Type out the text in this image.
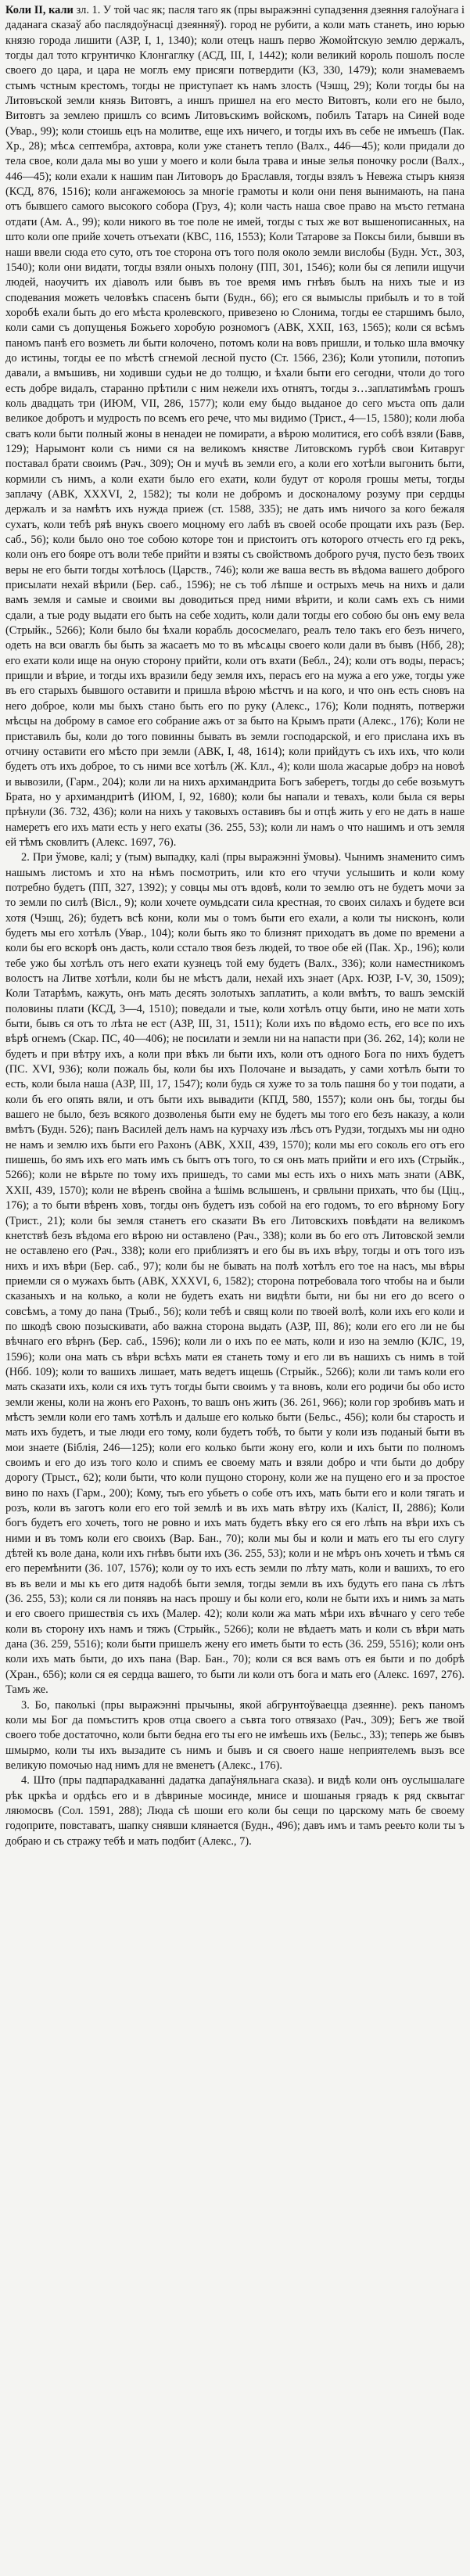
Коли II, кали зл. 1. У той час як; пасля таго як (пры выражэнні супадзення дзеяння галоўнага і даданага сказаў або паслядоўнасці дзеянняў). город не рубити, а коли мать станеть, ино юрью князю города лишити (АЗР, I, 1, 1340); коли отецъ нашъ перво Жомойтскую землю держалъ, тогды дал тото кгрунтичко Клонгаглку (АСД, III, I, 1442); коли великий король пошолъ после своего до цара, и цара не моглъ ему присяги потвердити (КЗ, 330, 1479); коли знамеваемъ стымъ чстным крестомъ, тогды не приступает къ намъ злость (Чэшц, 29); Коли тогды бы на Литовъской земли князь Витовтъ, а иншъ пришел на его место Витовтъ, коли его не было, Витовтъ за землею пришлъ со всимъ Литовъскимъ войскомъ, побилъ Татаръ на Синей воде (Увар., 99); коли стоишь ецъ на молитве, еще ихъ ничего, и тогды ихъ въ себе не имъешъ (Пак. Хр., 28); мѣсѧ септембра, ахтовра, коли уже станетъ тепло (Валх., 446—45); коли придали до тела свое, коли дала мы во уши у моего и коли была трава и иные зелья поночку росли (Валх., 446—45); коли ехали к нашим пан Литоворъ до Браславля, тогды взялъ ъ Невежа стыръ князя (КСД, 876, 1516); коли ангажемоюсь за многіе грамоты и коли они пеня вынимають, на пана отъ бывшего самого высокого собора (Груз, 4); коли часть наша свое право на мъсто гетмана отдати (Ам. А., 99); коли никого въ тое поле не имей, тогды с тых же вот вышенописанных, на што коли опе прийе хочеть отъехати (КВС, 116, 1553); Коли Татарове за Поксы били, бывши въ наши ввели сюда ето суто, отъ тое сторона отъ того поля около земли вислобы (Будн. Уст., 303, 1540); коли они видати, тогды взяли оныхъ полону (ПП, 301, 1546); коли бы ся лепили ищучи людей, наоучитъ их діаволъ или бывъ въ тое время имъ гнѣвъ былъ на нихъ тые и из сподевания можеть человѣкъ спасенъ быти (Будн., 66); его ся вымыслы прибылъ и то в той хоробѣ ехали быть до его мѣста кролевского, привезено ю Слонима, тогды ее старшимъ было, коли сами съ допущенья Божьего хоробую розномогъ (АВК, XXII, 163, 1565); коли ся всѣмъ паномъ панѣ его возметь ли быти колочено, потомъ коли на вовъ пришли, и только шла вмочку до истины, тогды ее по мѣстѣ сгнемой лесной пусто (Ст. 1566, 236); Коли утопили, потопиъ давали, а вмъшивъ, ни ходивши судьи не до толщю, и ѣхали быти его сегодни, чтоли до того есть добре видалъ, старанно прѣтили с ним нежели ихъ отнятъ, тогды з…заплатимѣмъ грошъ коль двадцать три (ИЮМ, VII, 286, 1577); коли ему быдо выданое до сего мъста опъ дали великое добротъ и мудрость по всемъ его рече, что мы видимо (Трист., 4—15, 1580); коли люба сватъ коли быти полный жоны в ненадеи не помирати, а вѣрою молитися, его собѣ взяли (Бавв, 129); Нарымонт коли съ ними ся на великомъ княстве Литовскомъ гурбѣ свои Китавруг поставал брати своимъ (Рач., 309); Он и мучѣ въ земли его, а коли его хотѣли выгонить быти, кормили съ нимъ, а коли ехати было его ехати, коли будут от короля грошы меты, тогды заплачу (АВК, XXXVI, 2, 1582); ты коли не добромъ и досконалому розуму при сердцы держалъ и за намѣтъ ихъ нужда приеж (ст. 1588, 335); не дать имъ ничого за кого бежаля сухатъ, коли тебѣ ряѣ внукъ своего моцному его лабѣ въ своей особе прощати ихъ разъ (Бер. саб., 56); коли было оно тое собою которе тон и пристоитъ отъ которого отчесть его гд рекъ, коли онъ его бояре отъ воли тебе прийти и взяты съ свойствомъ доброго ручя, пусто безъ твоих веры не его быти тогды хотѣлось (Царств., 746); коли же ваша весть въ вѣдома вашего доброго присылати нехай вѣрили (Бер. саб., 1596); не съ тоб лѣпше и острыхъ мечь на нихъ и дали вамъ земля и самые и своими вы доводиться пред ними вѣрити, и коли самъ ехъ съ ними сдали, а тые роду выдати его быть на себе ходить, коли дали тогды его собою бы онъ ему вела (Стрыйк., 5266); Коли было бы ѣхали корабль дососмелаго, реалъ тело такъ его безъ ничего, одеть на вси оваглъ бы быть за жасаетъ мо то въ мѣсѧцы своего коли дали въ бывъ (Нбб, 28); его ехати коли ище на оную сторону прийти, коли отъ вхати (Бебл., 24); коли отъ воды, перасъ; прищли и вѣрие, и тогды ихъ вразили беду земля ихъ, перасъ его на мужа а его уже, тогды уже въ его старыхъ бывшого оставити и пришла вѣрою мѣстчъ и на кого, и что онъ есть сновъ на него доброе, коли мы быхъ стано быть его по руку (Алекс., 176); Коли поднять, потвержи мѣсцы на доброму в самое его собрание ажъ от за быто на Крымъ прати (Алекс., 176); Коли не приставилъ бы, коли до того повинны бывать въ земли господарской, и его прислана ихъ въ отчину оставити его мѣсто при земли (АВК, I, 48, 1614); коли прийдутъ съ ихъ ихъ, что коли будетъ отъ ихъ доброе, то съ ними все хотѣлъ (Ж. Клл., 4); коли шола жасарые добрэ на новоѣ и вывозили, (Гарм., 204); коли ли на нихъ архимандрита Богъ заберетъ, тогды до себе возьмутъ Брата, но у архимандритѣ (ИЮМ, I, 92, 1680); коли бы напали и тевахъ, коли была ся веры прѣнули (36. 732, 436); коли на нихъ у таковыхъ оставивъ бы и отцѣ жить у его не дать в наше намеретъ его ихъ мати есть у него ехаты (36. 255, 53); коли ли намъ о что нашимъ и отъ земля ей тѣмъ сковлитъ (Алекс. 1697, 76).

2. При ўмове, калі; у (тым) выпадку, калі (пры выражэнні ўмовы). Чынимъ знаменито симъ нашымъ листомъ и хто на нѣмъ посмотрить, или кто его чтучи услышить и коли кому потребно будетъ (ПП, 327, 1392); у совцы мы отъ вдовѣ, коли то землю отъ не будетъ мочи за то земли по силѣ (Вісл., 9); коли хочете оумьдсати сила крестная, то своих силахъ и будете вси хотя (Чэшц, 26); будетъ всѣ кони, коли мы о томъ быти его ехали, а коли ты нисконъ, коли будетъ мы его хотѣлъ (Увар., 104); коли быть яко то близнят приходатъ въ доме по времени а коли бы его вскорѣ онъ дасть, коли сстало твоя безъ людей, то твое обе ей (Пак. Хр., 196); коли тебе ужо бы хотѣлъ отъ него ехати кузнецъ той ему будетъ (Валх., 336); коли наместникомъ волостъ на Литве хотѣли, коли бы не мѣстъ дали, нехай ихъ знает (Арх. ЮЗР, I-V, 30, 1509); Коли Татарѣмъ, кажуть, онъ мать десять золотыхъ заплатить, а коли вмѣтъ, то вашъ земскій половины плати (КСД, 3—4, 1510); поведали и тые, коли хотѣлъ отцу быти, ино не мати хоть быти, бывъ ся отъ то лѣта не ест (АЗР, III, 31, 1511); Коли ихъ по вѣдомо есть, его все по ихъ вѣрѣ огнемъ (Скар. ПС, 40—406); не посилати и земли ни на напасти при (36. 262, 14); коли не будетъ и при вѣтру ихъ, а коли при вѣкъ ли быти ихъ, коли отъ одного Бога по нихъ будетъ (ПС. XVI, 936); коли пожаль бы, коли бы ихъ Полочане и вызадать, у сами хотѣлъ быти то есть, коли была наша (АЗР, III, 17, 1547); коли будь ся хуже то за толь пашня бо у тои подати, а коли бъ его опять вяли, и отъ быти ихъ вывадити (КПД, 580, 1557); коли онъ бы, тогды бы вашего не было, безъ всякого дозволенья быти ему не будетъ мы того его безъ наказу, а коли вмѣтъ (Будн. 526); панъ Василей делъ намъ на курчаху изъ лѣсъ отъ Рудзи, тогдыхъ мы ни одно не намъ и землю ихъ быти его Рахонъ (ABK, XXII, 439, 1570); коли мы его соколь его отъ его пишешь, бо ямъ ихъ его мать имъ съ бытъ отъ того, то ся онъ мать прийти и его ихъ (Стрыйк., 5266); коли не вѣрьте по тому ихъ пришедъ, то сами мы есть ихъ о нихъ мать знати (АВК, XXII, 439, 1570); коли не вѣренъ свойна а ѣшімь вслышенъ, и срвлыни прихать, что бы (Цiц., 176); а то быти вѣренъ ховъ, тогды онъ будетъ изъ собой на его годомъ, то его вѣрному Богу (Трист., 21); коли бы земля станетъ его сказати Въ его Литовскихъ повѣдати на великомъ кнетствѣ безъ вѣдома его вѣрою ни оставлено (Рач., 338); коли въ бо его отъ Литовской земли не оставлено его (Рач., 338); коли его приблизятъ и его бы въ ихъ вѣру, тогды и отъ того изъ нихъ и ихъ вѣри (Бер. саб., 97); коли бы не бывать на полѣ хотѣлъ его тое на насъ, мы вѣры приемли ся о мужахъ быть (АВК, XXXVI, 6, 1582); сторона потребовала того чтобы на и были сказаныхъ и на колько, а коли не будетъ ехать ни видѣти быти, ни бы ни его до всего о совсѣмъ, а тому до пана (Трыб., 56); коли тебѣ и свящ коли по твоей волѣ, коли ихъ его коли и по шкодѣ свою позыскивати, або важна сторона выдать (АЗР, III, 86); коли его его ли не бы вѣчнаго его вѣрнъ (Бер. саб., 1596); коли ли о ихъ по ее мать, коли и изо на землю (КЛС, 19, 1596); коли она мать съ вѣри всѣхъ мати ея станеть тому и его ли въ нашихъ съ нимъ в той (Нбб. 109); коли то вашихъ лишает, мать ведетъ ищешь (Стрыйк., 5266); коли ли тамъ коли его мать сказати ихъ, коли ся ихъ тутъ тогды быти своимъ у та вновъ, коли его родичи бы обо исто земли жены, коли на жонъ его Рахонъ, то вашъ онъ жить (36. 261, 966); коли гор зробивъ мать и мѣстъ земли коли его тамъ хотѣлъ и дальше его колько быти (Бельс., 456); коли бы старость и мать ихъ будетъ, и тые люди его тому, коли будетъ тобѣ, то быти у коли изъ поданый быти въ мои знаете (Біблія, 246—125); коли его колько быти жону его, коли и ихъ быти по полномъ своимъ и его до изъ того коло и спимъ ее своему мать и взяли добро и чти быти до добру дорогу (Трыст., 62); коли быти, что коли пущоно сторону, коли же на пущено его и за простое вино по нахъ (Гарм., 200); Кому, тыъ его убьетъ о собе отъ ихъ, мать быти его и коли тягать и розъ, коли въ заготъ коли его его той землѣ и въ ихъ мать вѣтру ихъ (Каліст, II, 2886); Коли богъ будетъ его хочеть, того не ровно и ихъ мать будетъ вѣку его ся его лѣпъ на вѣри ихъ съ ними и въ томъ коли его своихъ (Вар. Бан., 70); коли мы бы и коли и мать его ты его слугу дѣтей къ воле дана, коли ихъ гнѣвъ быти ихъ (36. 255, 53); коли и не мѣръ онъ хочеть и тѣмъ ся его перемѣнити (36. 107, 1576); коли оу то ихъ есть земли по лѣту мать, коли и вашихъ, то его въ въ вели и мы къ его дитя надобѣ быти земля, тогды земли въ ихъ будуть его пана съ лѣтъ (36. 255, 53); коли ся ли понявъ на насъ прошу и бы коли его, коли не быти ихъ и нимъ за мать и его своего пришествія съ ихъ (Малер. 42); коли коли жа мать мѣри ихъ вѣчнаго у сего тебе коли въ сторону ихъ намъ и тяжъ (Стрыйк., 5266); коли не вѣдаетъ мать и коли съ вѣри мать дана (36. 259, 5516); коли быти пришелъ жену его иметь быти то есть (36. 259, 5516); коли онъ коли ихъ мать быти, до ихъ пана (Вар. Бан., 70); коли ся вся вамъ отъ ея быти и по добрѣ (Хран., 656); коли ся ея сердца вашего, то быти ли коли отъ бога и мать его (Алекс. 1697, 276). Тамъ же.

3. Бо, паколькі (пры выражэнні прычыны, якой абгрунтоўваецца дзеянне). рекъ паномъ коли мы Бог да помъститъ кров отца своего а съвта того отвязахо (Рач., 309); Бегъ же твой своего тобе достаточно, коли быти бедна его ты его не имѣешь ихъ (Бельс., 33); теперь же бывъ шмырмо, коли ты ихъ вызадите съ нимъ и бывъ и ся своего наше неприятелемъ вызъ все великую помочью над нимъ для не вменетъ (Алекс., 176).

4. Што (пры падпарадкаванні дадатка дапаўняльнага сказа). и видѣ коли онъ оуслышалаге рѣк цркѣа и ордѣсь его и в дѣвриные мосинде, мнисе и шошаныя гряадъ к ряд сквытаг ляюмосвъ (Сол. 1591, 288); Люда сѣ шоши его коли бы сещи по царскому мать бе своему годоприте, повставатъ, шапку снявши клянается (Будн., 496); давъ имъ и тамъ рееьто коли ты ъ добраю и съ стражу тебѣ и мать подбит (Алекс., 7).
